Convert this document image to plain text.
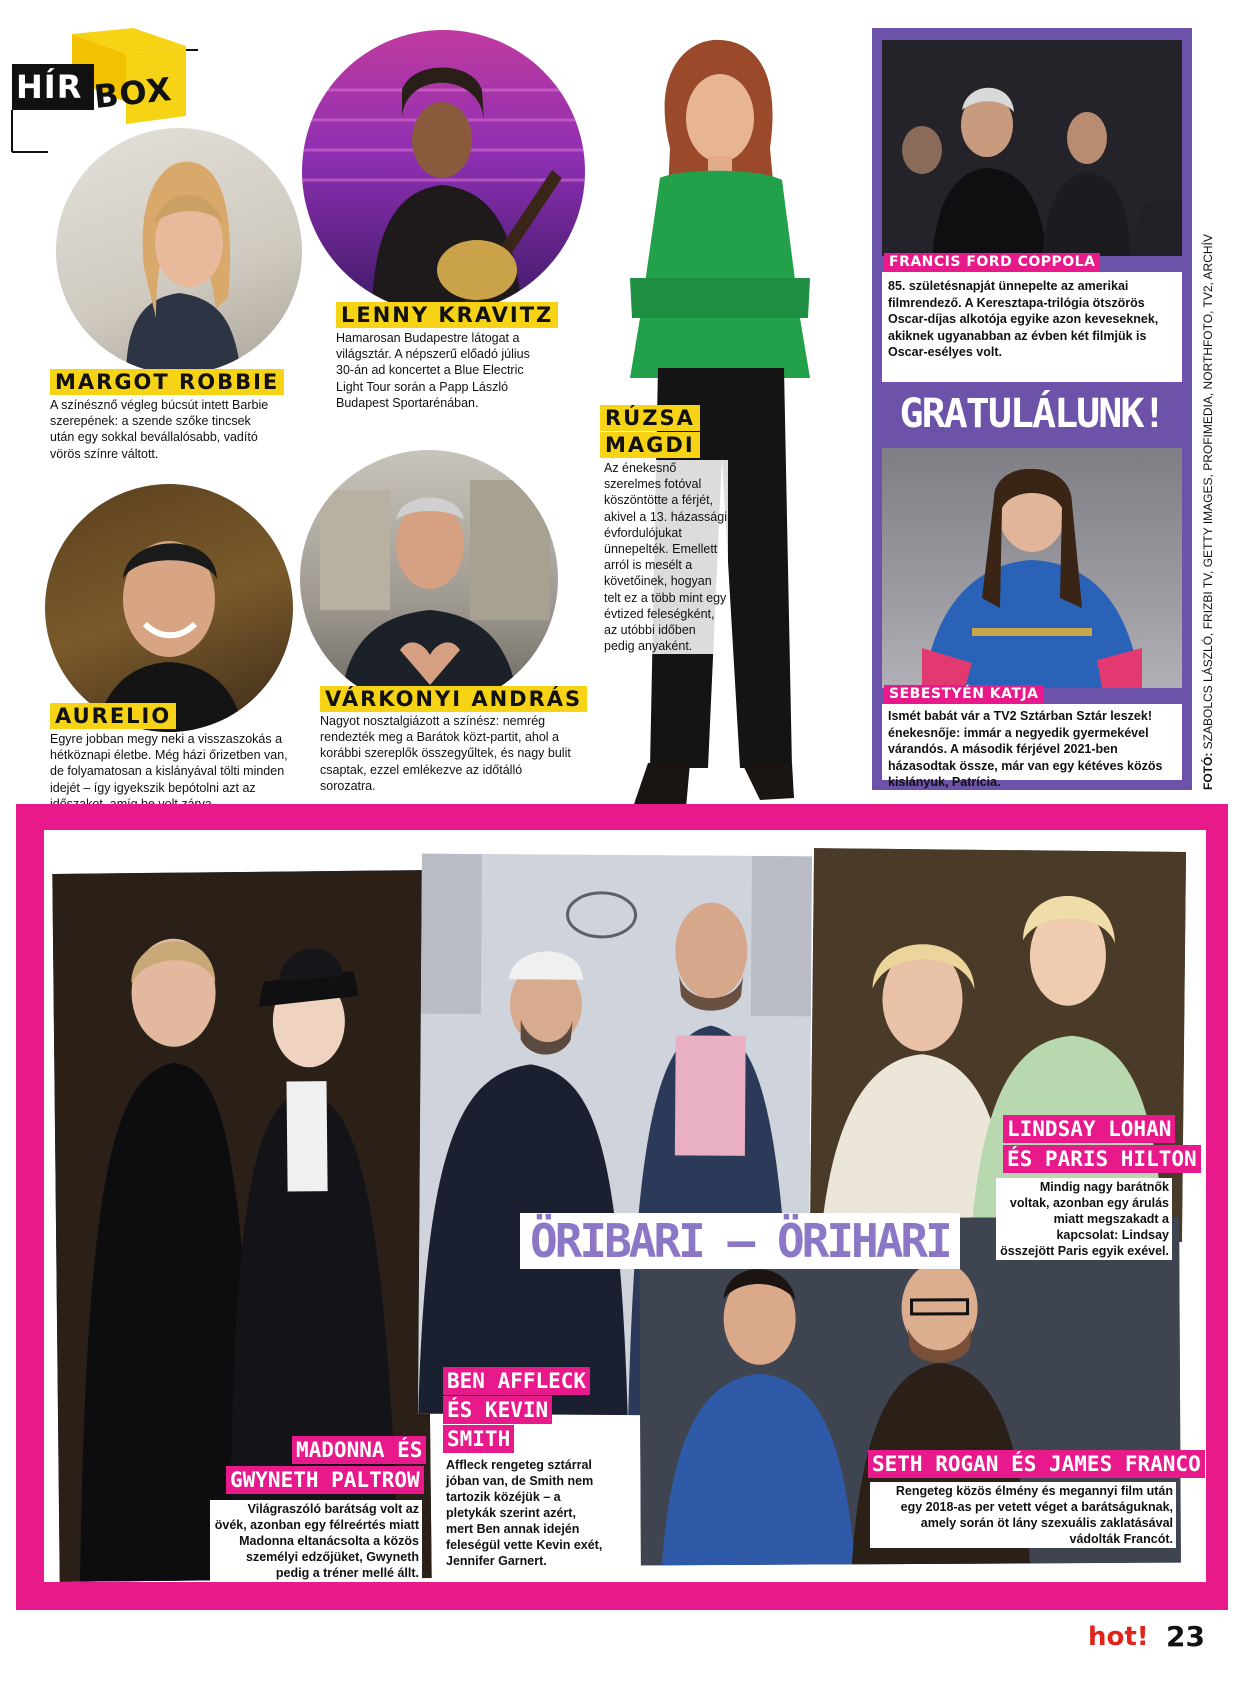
HÍR BOX
MARGOT ROBBIE
A színésznő végleg búcsút intett Barbie szerepének: a szende szőke tincsek után egy sokkal bevállalósabb, vadító vörös színre váltott.
LENNY KRAVITZ
Hamarosan Budapestre látogat a világsztár. A népszerű előadó július 30-án ad koncertet a Blue Electric Light Tour során a Papp László Budapest Sportarénában.
RÚZSA
MAGDI
Az énekesnő szerelmes fotóval köszöntötte a férjét, akivel a 13. házassági évfordulójukat ünnepelték. Emellett arról is mesélt a követőinek, hogyan telt ez a több mint egy évtized feleségként, az utóbbi időben pedig anyaként.
AURELIO
Egyre jobban megy neki a visszaszokás a hétköznapi életbe. Még házi őrizetben van, de folyamatosan a kislányával tölti minden idejét – így igyekszik bepótolni azt az
VÁRKONYI ANDRÁS
Nagyot nosztalgiázott a színész: nemrég rendezték meg a Barátok közt-partit, ahol a korábbi szereplők összegyűltek, és nagy bulit csaptak, ezzel emlékezve az időtálló sorozatra.
FRANCIS FORD COPPOLA
85. születésnapját ünnepelte az amerikai filmrendező. A Keresztapa-trilógia ötszörös Oscar-díjas alkotója egyike azon keveseknek, akiknek ugyanabban az évben két filmjük is Oscar-esélyes volt.
GRATULÁLUNK!
SEBESTYÉN KATJA
Ismét babát vár a TV2 Sztárban Sztár leszek! énekesnője: immár a negyedik gyermekével várandós. A második férjével 2021-ben házasodtak össze, már van egy kétéves közös kislányuk, Patrícia.	FOTÓ: SZABOLCS LÁSZLÓ, FRIZBI TV, GETTY IMAGES, PROFIMEDIA, NORTHFOTO, TV2, ARCHÍV
ÖRIBARI – ÖRIHARI
MADONNA ÉS
GWYNETH PALTROW
Világraszóló barátság volt az övék, azonban egy félreértés miatt Madonna eltanácsolta a közös személyi edzőjüket, Gwyneth pedig a tréner mellé állt.
BEN AFFLECK
ÉS KEVIN
SMITH
Affleck rengeteg sztárral jóban van, de Smith nem tartozik közéjük – a pletykák szerint azért, mert Ben annak idején feleségül vette Kevin exét, Jennifer Garnert.
LINDSAY LOHAN
ÉS PARIS HILTON
Mindig nagy barátnők voltak, azonban egy árulás miatt megszakadt a kapcsolat: Lindsay összejött Paris egyik exével.
SETH ROGAN ÉS JAMES FRANCO
Rengeteg közös élmény és megannyi film után egy 2018-as per vetett véget a barátságuknak, amely során öt lány szexuális zaklatásával vádolták Francót.
hot! 23
